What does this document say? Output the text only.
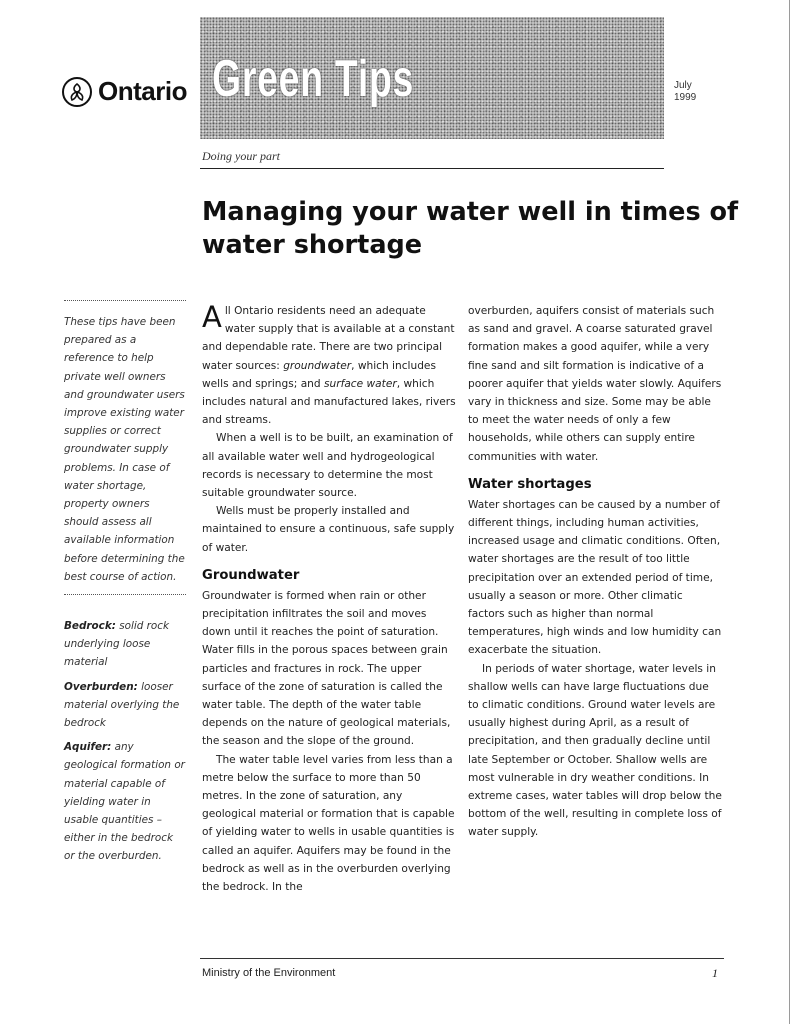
Ontario Green Tips	July
1999
Doing your part
Managing your water well in times of water shortage
These tips have been prepared as a reference to help private well owners and groundwater users improve existing water supplies or correct groundwater supply problems. In case of water shortage, property owners should assess all available information before determining the best course of action.
Bedrock: solid rock underlying loose material
Overburden: looser material overlying the bedrock
Aquifer: any geological formation or material capable of yielding water in usable quantities – either in the bedrock or the overburden.

All Ontario residents need an adequate water supply that is available at a constant and dependable rate. There are two principal water sources: groundwater, which includes wells and springs; and surface water, which includes natural and manufactured lakes, rivers and streams.

When a well is to be built, an examination of all available water well and hydrogeological records is necessary to determine the most suitable groundwater source.

Wells must be properly installed and maintained to ensure a continuous, safe supply of water.

Groundwater

Groundwater is formed when rain or other precipitation infiltrates the soil and moves down until it reaches the point of saturation. Water fills in the porous spaces between grain particles and fractures in rock. The upper surface of the zone of saturation is called the water table. The depth of the water table depends on the nature of geological materials, the season and the slope of the ground.

The water table level varies from less than a metre below the surface to more than 50 metres. In the zone of saturation, any geological material or formation that is capable of yielding water to wells in usable quantities is called an aquifer. Aquifers may be found in the bedrock as well as in the overburden overlying the bedrock. In the

overburden, aquifers consist of materials such as sand and gravel. A coarse saturated gravel formation makes a good aquifer, while a very fine sand and silt formation is indicative of a poorer aquifer that yields water slowly. Aquifers vary in thickness and size. Some may be able to meet the water needs of only a few households, while others can supply entire communities with water.

Water shortages

Water shortages can be caused by a number of different things, including human activities, increased usage and climatic conditions. Often, water shortages are the result of too little precipitation over an extended period of time, usually a season or more. Other climatic factors such as higher than normal temperatures, high winds and low humidity can exacerbate the situation.

In periods of water shortage, water levels in shallow wells can have large fluctuations due to climatic conditions. Ground water levels are usually highest during April, as a result of precipitation, and then gradually decline until late September or October. Shallow wells are most vulnerable in dry weather conditions. In extreme cases, water tables will drop below the bottom of the well, resulting in complete loss of water supply.

Ministry of the Environment	1
